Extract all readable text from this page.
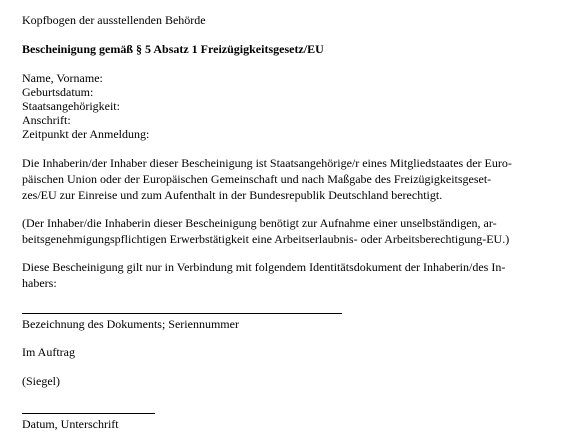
Kopfbogen der ausstellenden Behörde
Bescheinigung gemäß § 5 Absatz 1 Freizügigkeitsgesetz/EU
Name, Vorname:
Geburtsdatum:
Staatsangehörigkeit:
Anschrift:
Zeitpunkt der Anmeldung:
Die Inhaberin/der Inhaber dieser Bescheinigung ist Staatsangehörige/r eines Mitgliedstaates der Euro-
päischen Union oder der Europäischen Gemeinschaft und nach Maßgabe des Freizügigkeitsgeset-
zes/EU zur Einreise und zum Aufenthalt in der Bundesrepublik Deutschland berechtigt.
(Der Inhaber/die Inhaberin dieser Bescheinigung benötigt zur Aufnahme einer unselbständigen, ar-
beitsgenehmigungspflichtigen Erwerbstätigkeit eine Arbeitserlaubnis- oder Arbeitsberechtigung-EU.)
Diese Bescheinigung gilt nur in Verbindung mit folgendem Identitätsdokument der Inhaberin/des In-
habers:
Bezeichnung des Dokuments; Seriennummer
Im Auftrag
(Siegel)
Datum, Unterschrift
